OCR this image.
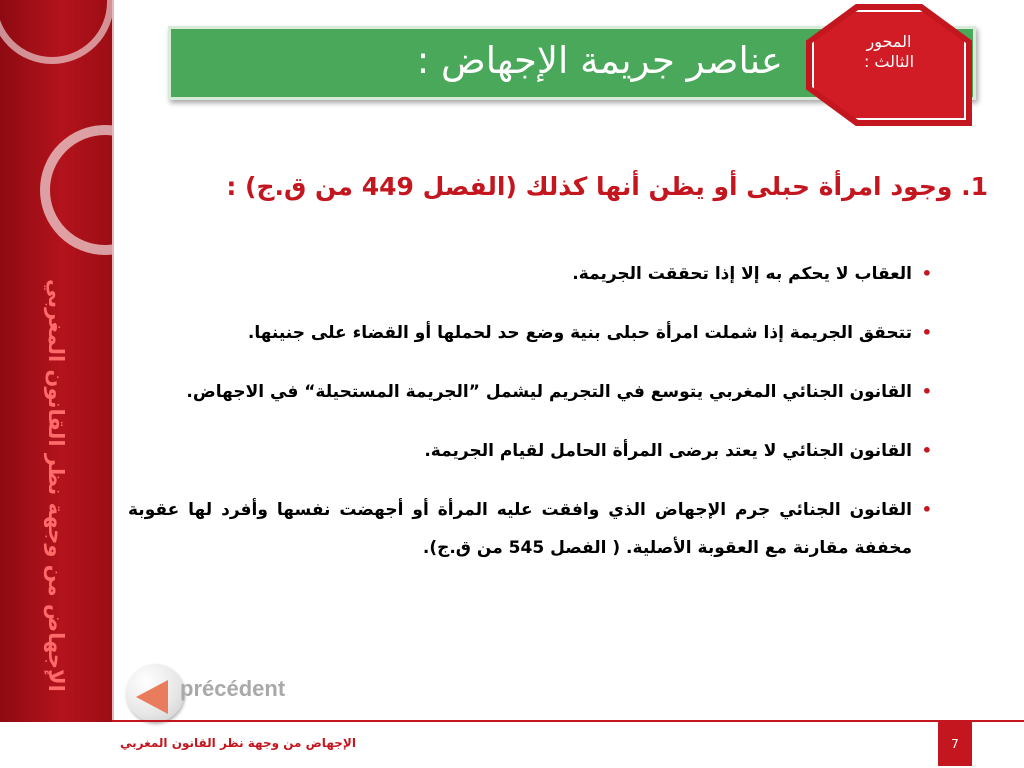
الإجهاض من وجهة نظر القانون المغربي
عناصر جريمة الإجهاض :	المحور
الثالث :
1. وجود امرأة حبلى أو يظن أنها كذلك (الفصل 449 من ق.ج) :
•
العقاب لا يحكم به إلا إذا تحققت الجريمة.
•
تتحقق الجريمة إذا شملت امرأة حبلى بنية وضع حد لحملها أو القضاء على جنينها.
•
القانون الجنائي المغربي يتوسع في التجريم ليشمل ”الجريمة المستحيلة“ في الاجهاض.
•
القانون الجنائي لا يعتد برضى المرأة الحامل لقيام الجريمة.
•
القانون الجنائي جرم الإجهاض الذي وافقت عليه المرأة أو أجهضت نفسها وأفرد لها عقوبة مخففة مقارنة مع العقوبة الأصلية. ( الفصل 545 من ق.ج).
précédent
الإجهاض من وجهة نظر القانون المغربي	7
